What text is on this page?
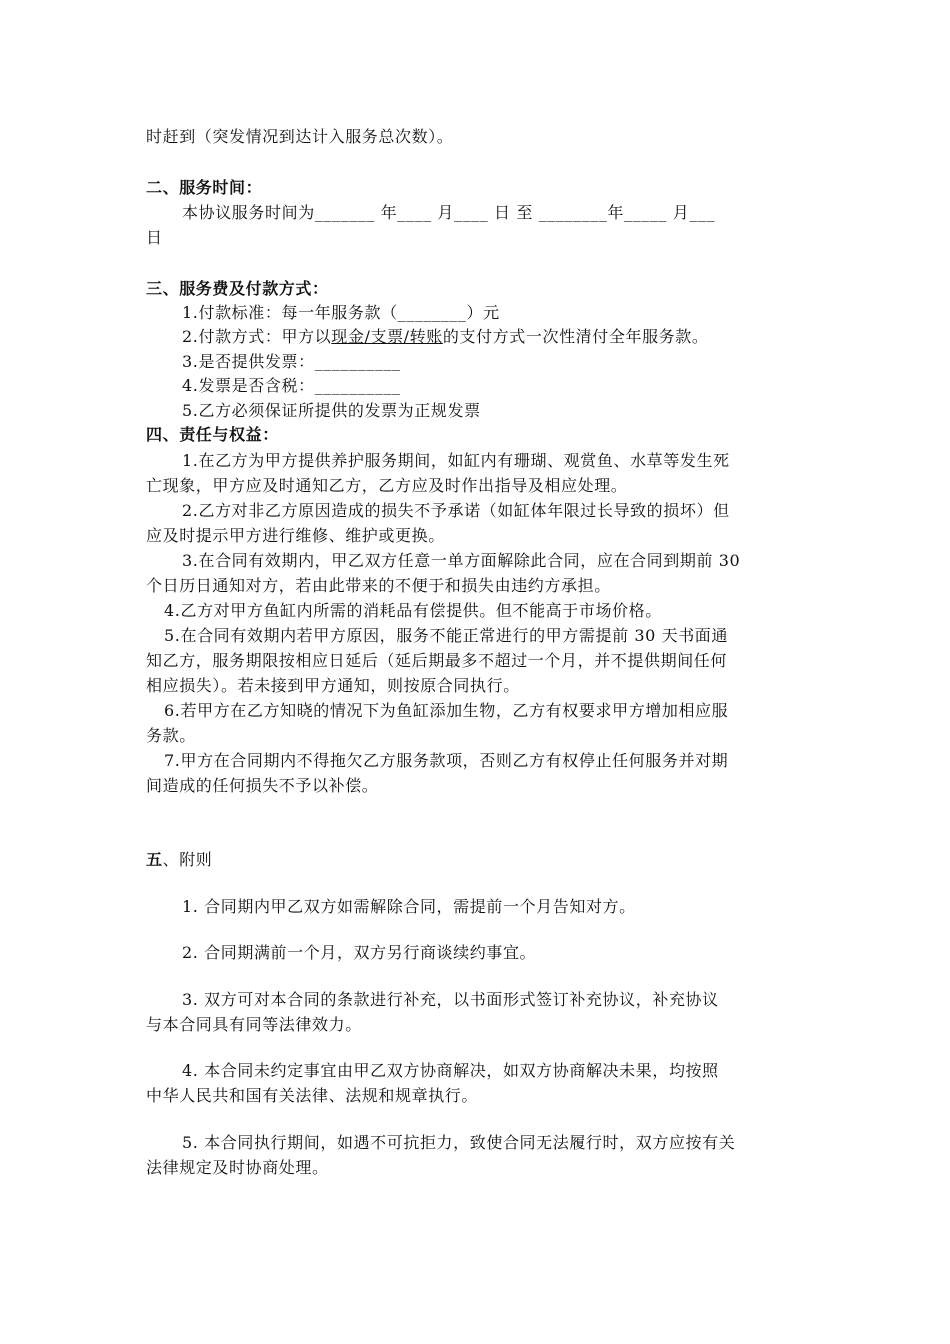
时赶到（突发情况到达计入服务总次数）。
二、服务时间：
本协议服务时间为_______ 年____ 月____ 日 至 ________年_____ 月___
日
三、服务费及付款方式：
1.付款标准：每一年服务款（________）元
2.付款方式：甲方以现金/支票/转账的支付方式一次性清付全年服务款。
3.是否提供发票：__________
4.发票是否含税：__________
5.乙方必须保证所提供的发票为正规发票
四、责任与权益：
1.在乙方为甲方提供养护服务期间，如缸内有珊瑚、观赏鱼、水草等发生死
亡现象，甲方应及时通知乙方，乙方应及时作出指导及相应处理。
2.乙方对非乙方原因造成的损失不予承诺（如缸体年限过长导致的损坏）但
应及时提示甲方进行维修、维护或更换。
3.在合同有效期内，甲乙双方任意一单方面解除此合同，应在合同到期前 30
个日历日通知对方，若由此带来的不便于和损失由违约方承担。
4.乙方对甲方鱼缸内所需的消耗品有偿提供。但不能高于市场价格。
5.在合同有效期内若甲方原因，服务不能正常进行的甲方需提前 30 天书面通
知乙方，服务期限按相应日延后（延后期最多不超过一个月，并不提供期间任何
相应损失）。若未接到甲方通知，则按原合同执行。
6.若甲方在乙方知晓的情况下为鱼缸添加生物，乙方有权要求甲方增加相应服
务款。
7.甲方在合同期内不得拖欠乙方服务款项，否则乙方有权停止任何服务并对期
间造成的任何损失不予以补偿。
五、附则
1. 合同期内甲乙双方如需解除合同，需提前一个月告知对方。
2. 合同期满前一个月，双方另行商谈续约事宜。
3. 双方可对本合同的条款进行补充，以书面形式签订补充协议，补充协议
与本合同具有同等法律效力。
4. 本合同未约定事宜由甲乙双方协商解决，如双方协商解决未果，均按照
中华人民共和国有关法律、法规和规章执行。
5. 本合同执行期间，如遇不可抗拒力，致使合同无法履行时，双方应按有关
法律规定及时协商处理。
